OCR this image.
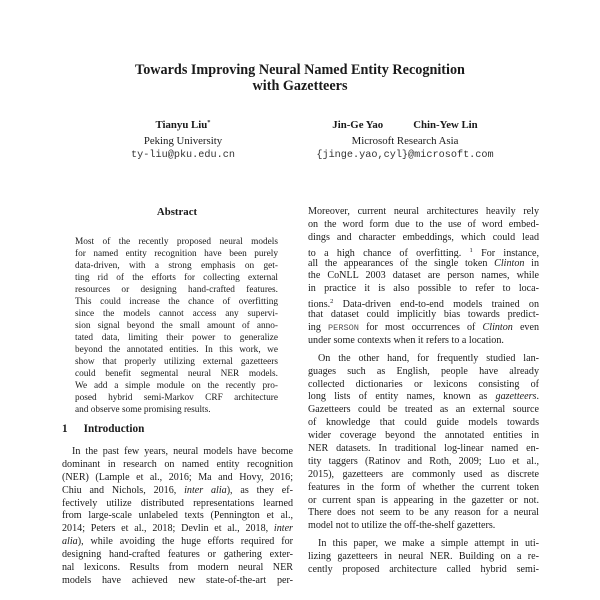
Towards Improving Neural Named Entity Recognition
with Gazetteers
Tianyu Liu*
Peking University
ty-liu@pku.edu.cn
Jin-Ge Yao	Chin-Yew Lin
Microsoft Research Asia
{jinge.yao,cyl}@microsoft.com
Abstract
Most of the recently proposed neural models
for named entity recognition have been purely
data-driven, with a strong emphasis on get-
ting rid of the efforts for collecting external
resources or designing hand-crafted features.
This could increase the chance of overfitting
since the models cannot access any supervi-
sion signal beyond the small amount of anno-
tated data, limiting their power to generalize
beyond the annotated entities. In this work, we
show that properly utilizing external gazetteers
could benefit segmental neural NER models.
We add a simple module on the recently pro-
posed hybrid semi-Markov CRF architecture
and observe some promising results.
1 Introduction
In the past few years, neural models have become
dominant in research on named entity recognition
(NER) (Lample et al., 2016; Ma and Hovy, 2016;
Chiu and Nichols, 2016, inter alia), as they ef-
fectively utilize distributed representations learned
from large-scale unlabeled texts (Pennington et al.,
2014; Peters et al., 2018; Devlin et al., 2018, inter
alia), while avoiding the huge efforts required for
designing hand-crafted features or gathering exter-
nal lexicons. Results from modern neural NER
models have achieved new state-of-the-art per-
Moreover, current neural architectures heavily rely
on the word form due to the use of word embed-
dings and character embeddings, which could lead
to a high chance of overfitting. $^1$ For instance,
all the appearances of the single token Clinton in
the CoNLL 2003 dataset are person names, while
in practice it is also possible to refer to loca-
tions.$^2$ Data-driven end-to-end models trained on
that dataset could implicitly bias towards predict-
ing PERSON for most occurrences of Clinton even
under some contexts when it refers to a location.
On the other hand, for frequently studied lan-
guages such as English, people have already
collected dictionaries or lexicons consisting of
long lists of entity names, known as gazetteers.
Gazetteers could be treated as an external source
of knowledge that could guide models towards
wider coverage beyond the annotated entities in
NER datasets. In traditional log-linear named en-
tity taggers (Ratinov and Roth, 2009; Luo et al.,
2015), gazetteers are commonly used as discrete
features in the form of whether the current token
or current span is appearing in the gazetter or not.
There does not seem to be any reason for a neural
model not to utilize the off-the-shelf gazetters.
In this paper, we make a simple attempt in uti-
lizing gazetteers in neural NER. Building on a re-
cently proposed architecture called hybrid semi-
